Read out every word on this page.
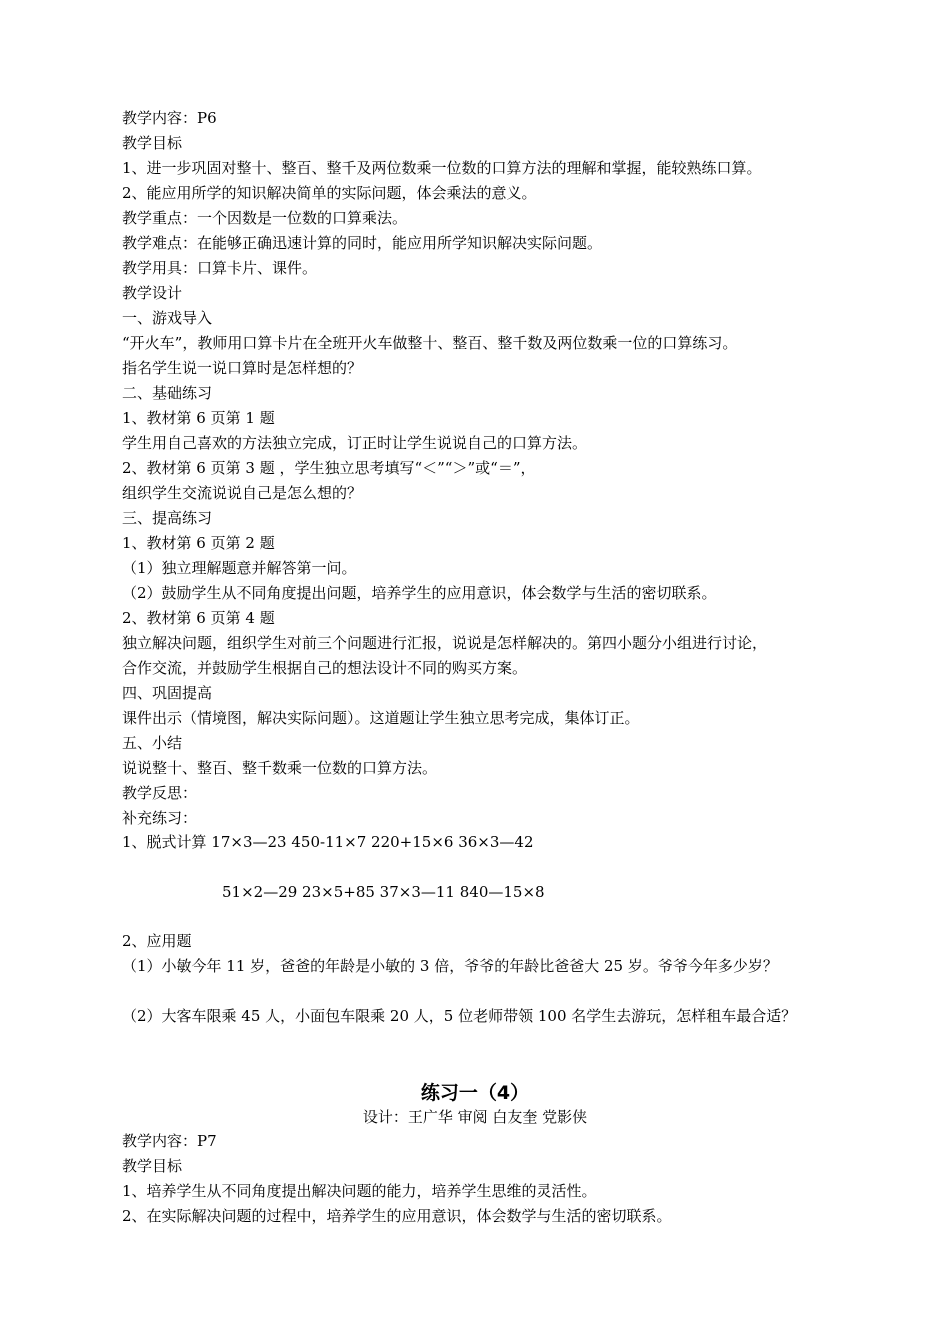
教学内容：P6
教学目标
1、进一步巩固对整十、整百、整千及两位数乘一位数的口算方法的理解和掌握，能较熟练口算。
2、能应用所学的知识解决简单的实际问题，体会乘法的意义。
教学重点：一个因数是一位数的口算乘法。
教学难点：在能够正确迅速计算的同时，能应用所学知识解决实际问题。
教学用具：口算卡片、课件。
教学设计
一、游戏导入
“开火车”，教师用口算卡片在全班开火车做整十、整百、整千数及两位数乘一位的口算练习。
指名学生说一说口算时是怎样想的？
二、基础练习
1、教材第 6 页第 1 题
学生用自己喜欢的方法独立完成，订正时让学生说说自己的口算方法。
2、教材第 6 页第 3 题 ，学生独立思考填写“＜”“＞”或“＝”，
组织学生交流说说自己是怎么想的？
三、提高练习
1、教材第 6 页第 2 题
（1）独立理解题意并解答第一问。
（2）鼓励学生从不同角度提出问题，培养学生的应用意识，体会数学与生活的密切联系。
2、教材第 6 页第 4 题
独立解决问题，组织学生对前三个问题进行汇报，说说是怎样解决的。第四小题分小组进行讨论，
合作交流，并鼓励学生根据自己的想法设计不同的购买方案。
四、巩固提高
课件出示（情境图，解决实际问题）。这道题让学生独立思考完成，集体订正。
五、小结
说说整十、整百、整千数乘一位数的口算方法。
教学反思：
补充练习：
1、脱式计算 17×3—23 450-11×7 220+15×6 36×3—42
51×2—29 23×5+85 37×3—11 840—15×8
2、应用题
（1）小敏今年 11 岁，爸爸的年龄是小敏的 3 倍，爷爷的年龄比爸爸大 25 岁。爷爷今年多少岁？
（2）大客车限乘 45 人，小面包车限乘 20 人，5 位老师带领 100 名学生去游玩，怎样租车最合适？
练习一（4）
设计：王广华 审阅 白友奎 党影侠
教学内容：P7
教学目标
1、培养学生从不同角度提出解决问题的能力，培养学生思维的灵活性。
2、在实际解决问题的过程中，培养学生的应用意识，体会数学与生活的密切联系。
